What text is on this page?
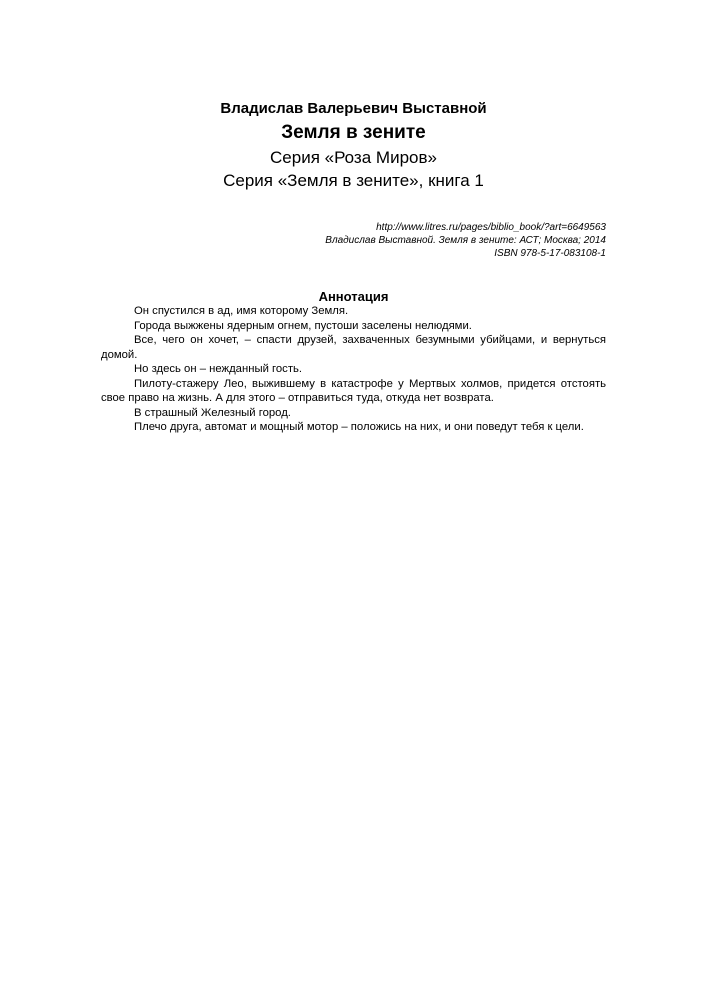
Владислав Валерьевич Выставной

Земля в зените

Серия «Роза Миров»

Серия «Земля в зените», книга 1

http://www.litres.ru/pages/biblio_book/?art=6649563
Владислав Выставной. Земля в зените: АСТ; Москва; 2014
ISBN 978-5-17-083108-1
Аннотация

Он спустился в ад, имя которому Земля.

Города выжжены ядерным огнем, пустоши заселены нелюдями.

Все, чего он хочет, – спасти друзей, захваченных безумными убийцами, и вернуться домой.

Но здесь он – нежданный гость.

Пилоту-стажеру Лео, выжившему в катастрофе у Мертвых холмов, придется отстоять свое право на жизнь. А для этого – отправиться туда, откуда нет возврата.

В страшный Железный город.

Плечо друга, автомат и мощный мотор – положись на них, и они поведут тебя к цели.
